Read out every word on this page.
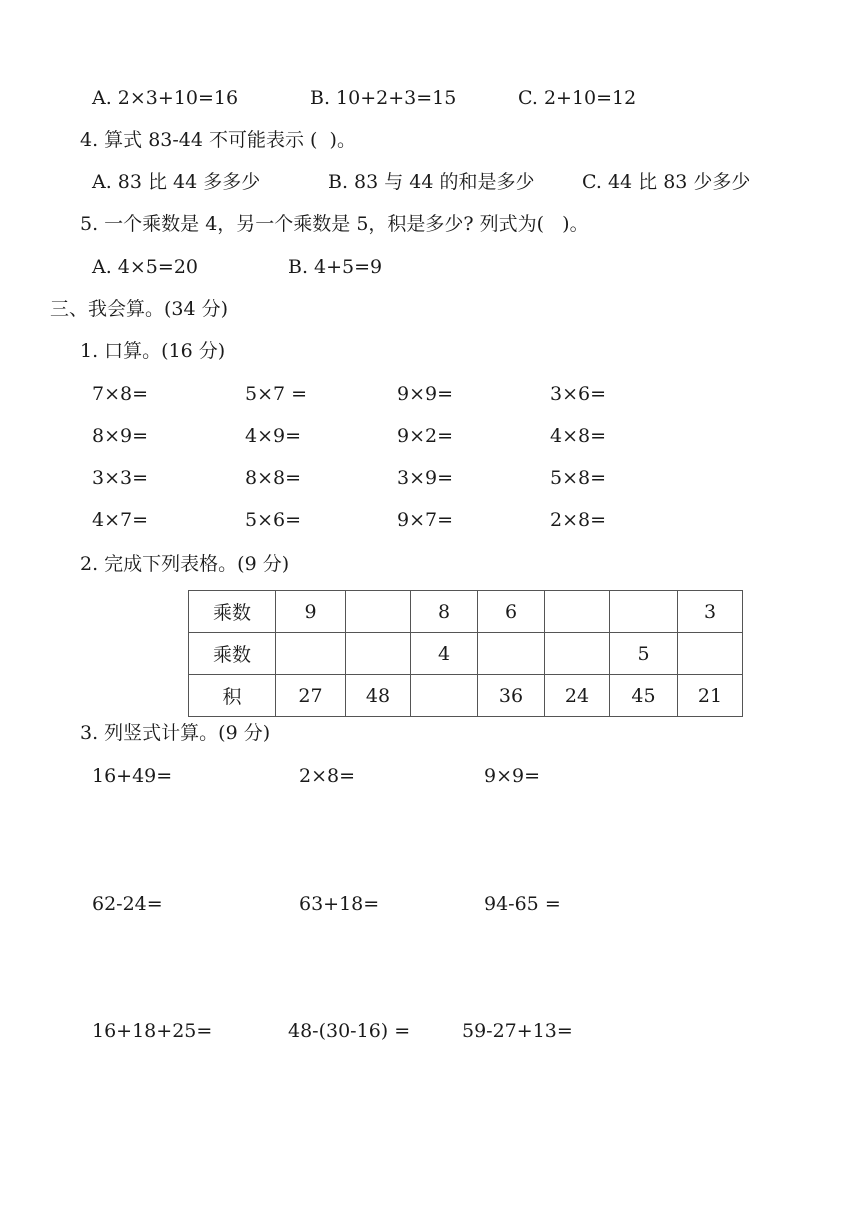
A. 2×3+10=16	B. 10+2+3=15	C. 2+10=12
4. 算式 83-44 不可能表示 (  )。
A. 83 比 44 多多少	B. 83 与 44 的和是多少 C. 44 比 83 少多少
5. 一个乘数是 4，另一个乘数是 5，积是多少? 列式为(   )。
A. 4×5=20	B. 4+5=9
三、我会算。(34 分)
1. 口算。(16 分)
7×8=	5×7 =	9×9=	3×6=
8×9=	4×9=	9×2=	4×8=
3×3=	8×8=	3×9=	5×8=
4×7=	5×6=	9×7=	2×8=
2. 完成下列表格。(9 分)
乘数	9		8	6			3
乘数			4			5	
积	27	48		36	24	45	21
3. 列竖式计算。(9 分)
16+49=	2×8=	9×9=
62-24=	63+18=	94-65 =
16+18+25=	48-(30-16) =	59-27+13=
